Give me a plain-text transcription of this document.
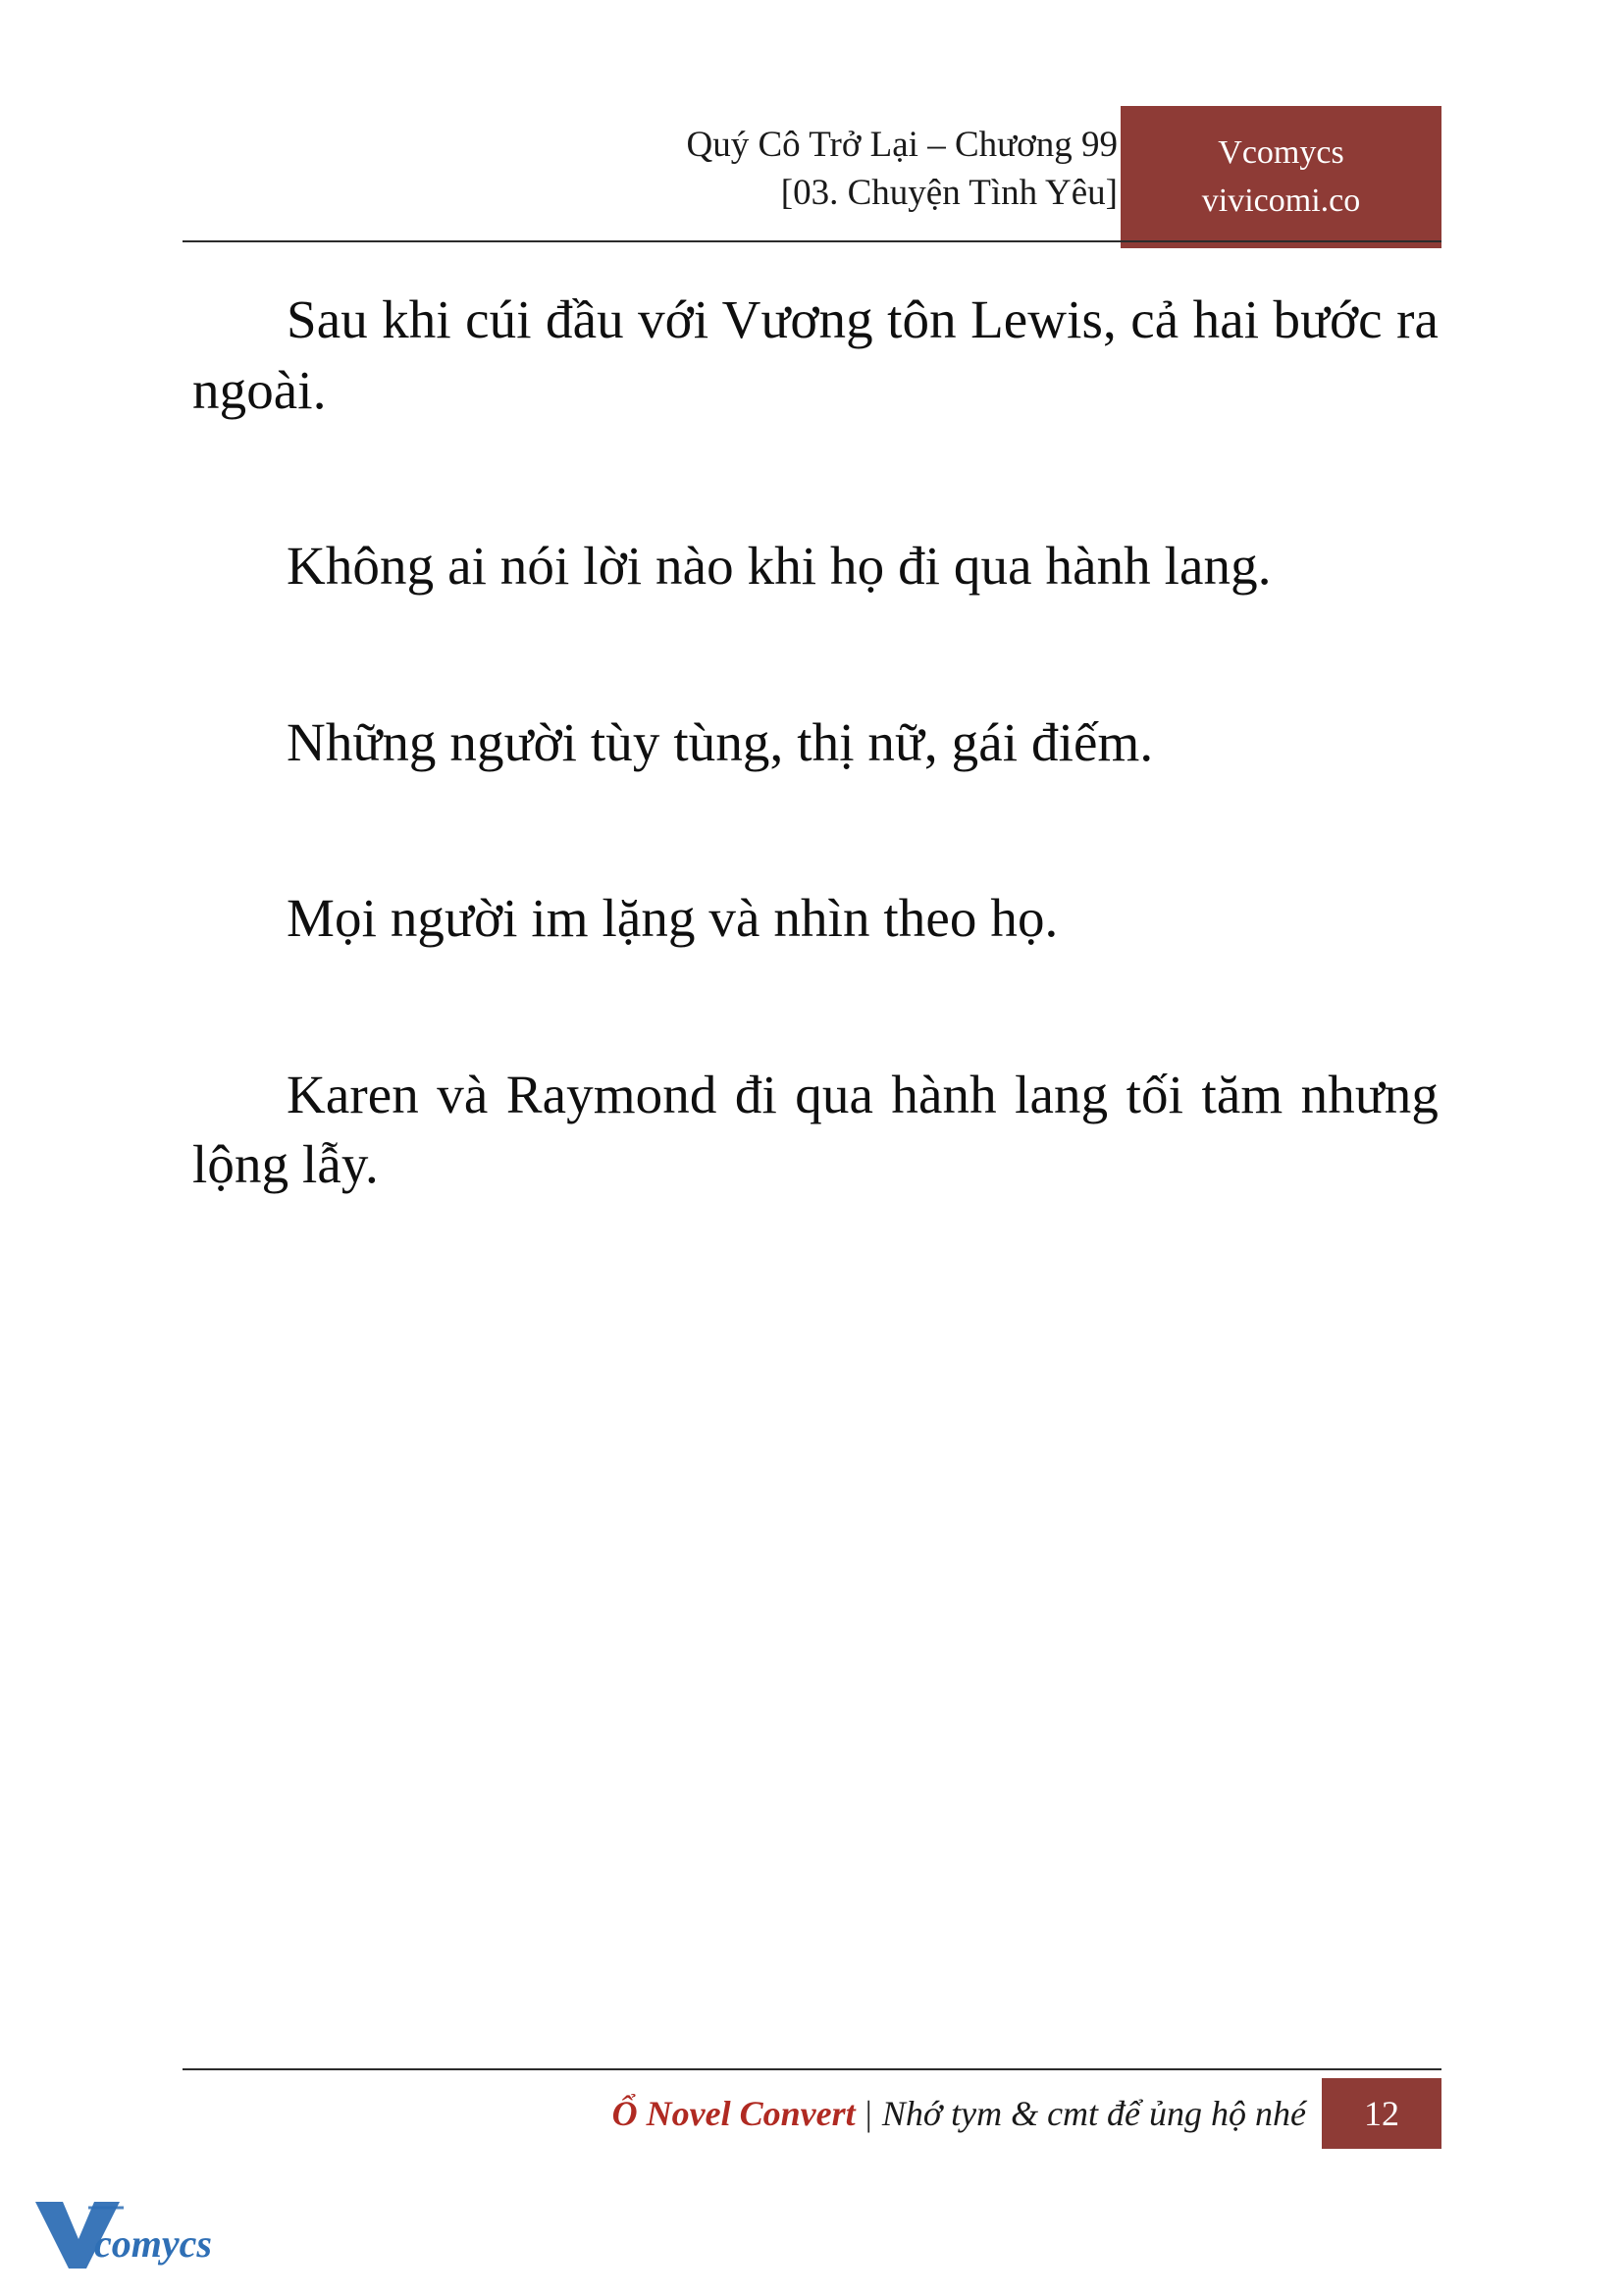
Quý Cô Trở Lại – Chương 99
[03. Chuyện Tình Yêu]
Vcomycs
vivicomi.co

Sau khi cúi đầu với Vương tôn Lewis, cả hai bước ra ngoài.

Không ai nói lời nào khi họ đi qua hành lang.

Những người tùy tùng, thị nữ, gái điếm.

Mọi người im lặng và nhìn theo họ.

Karen và Raymond đi qua hành lang tối tăm nhưng lộng lẫy.

Ổ Novel Convert | Nhớ tym & cmt để ủng hộ nhé	12
comycs
